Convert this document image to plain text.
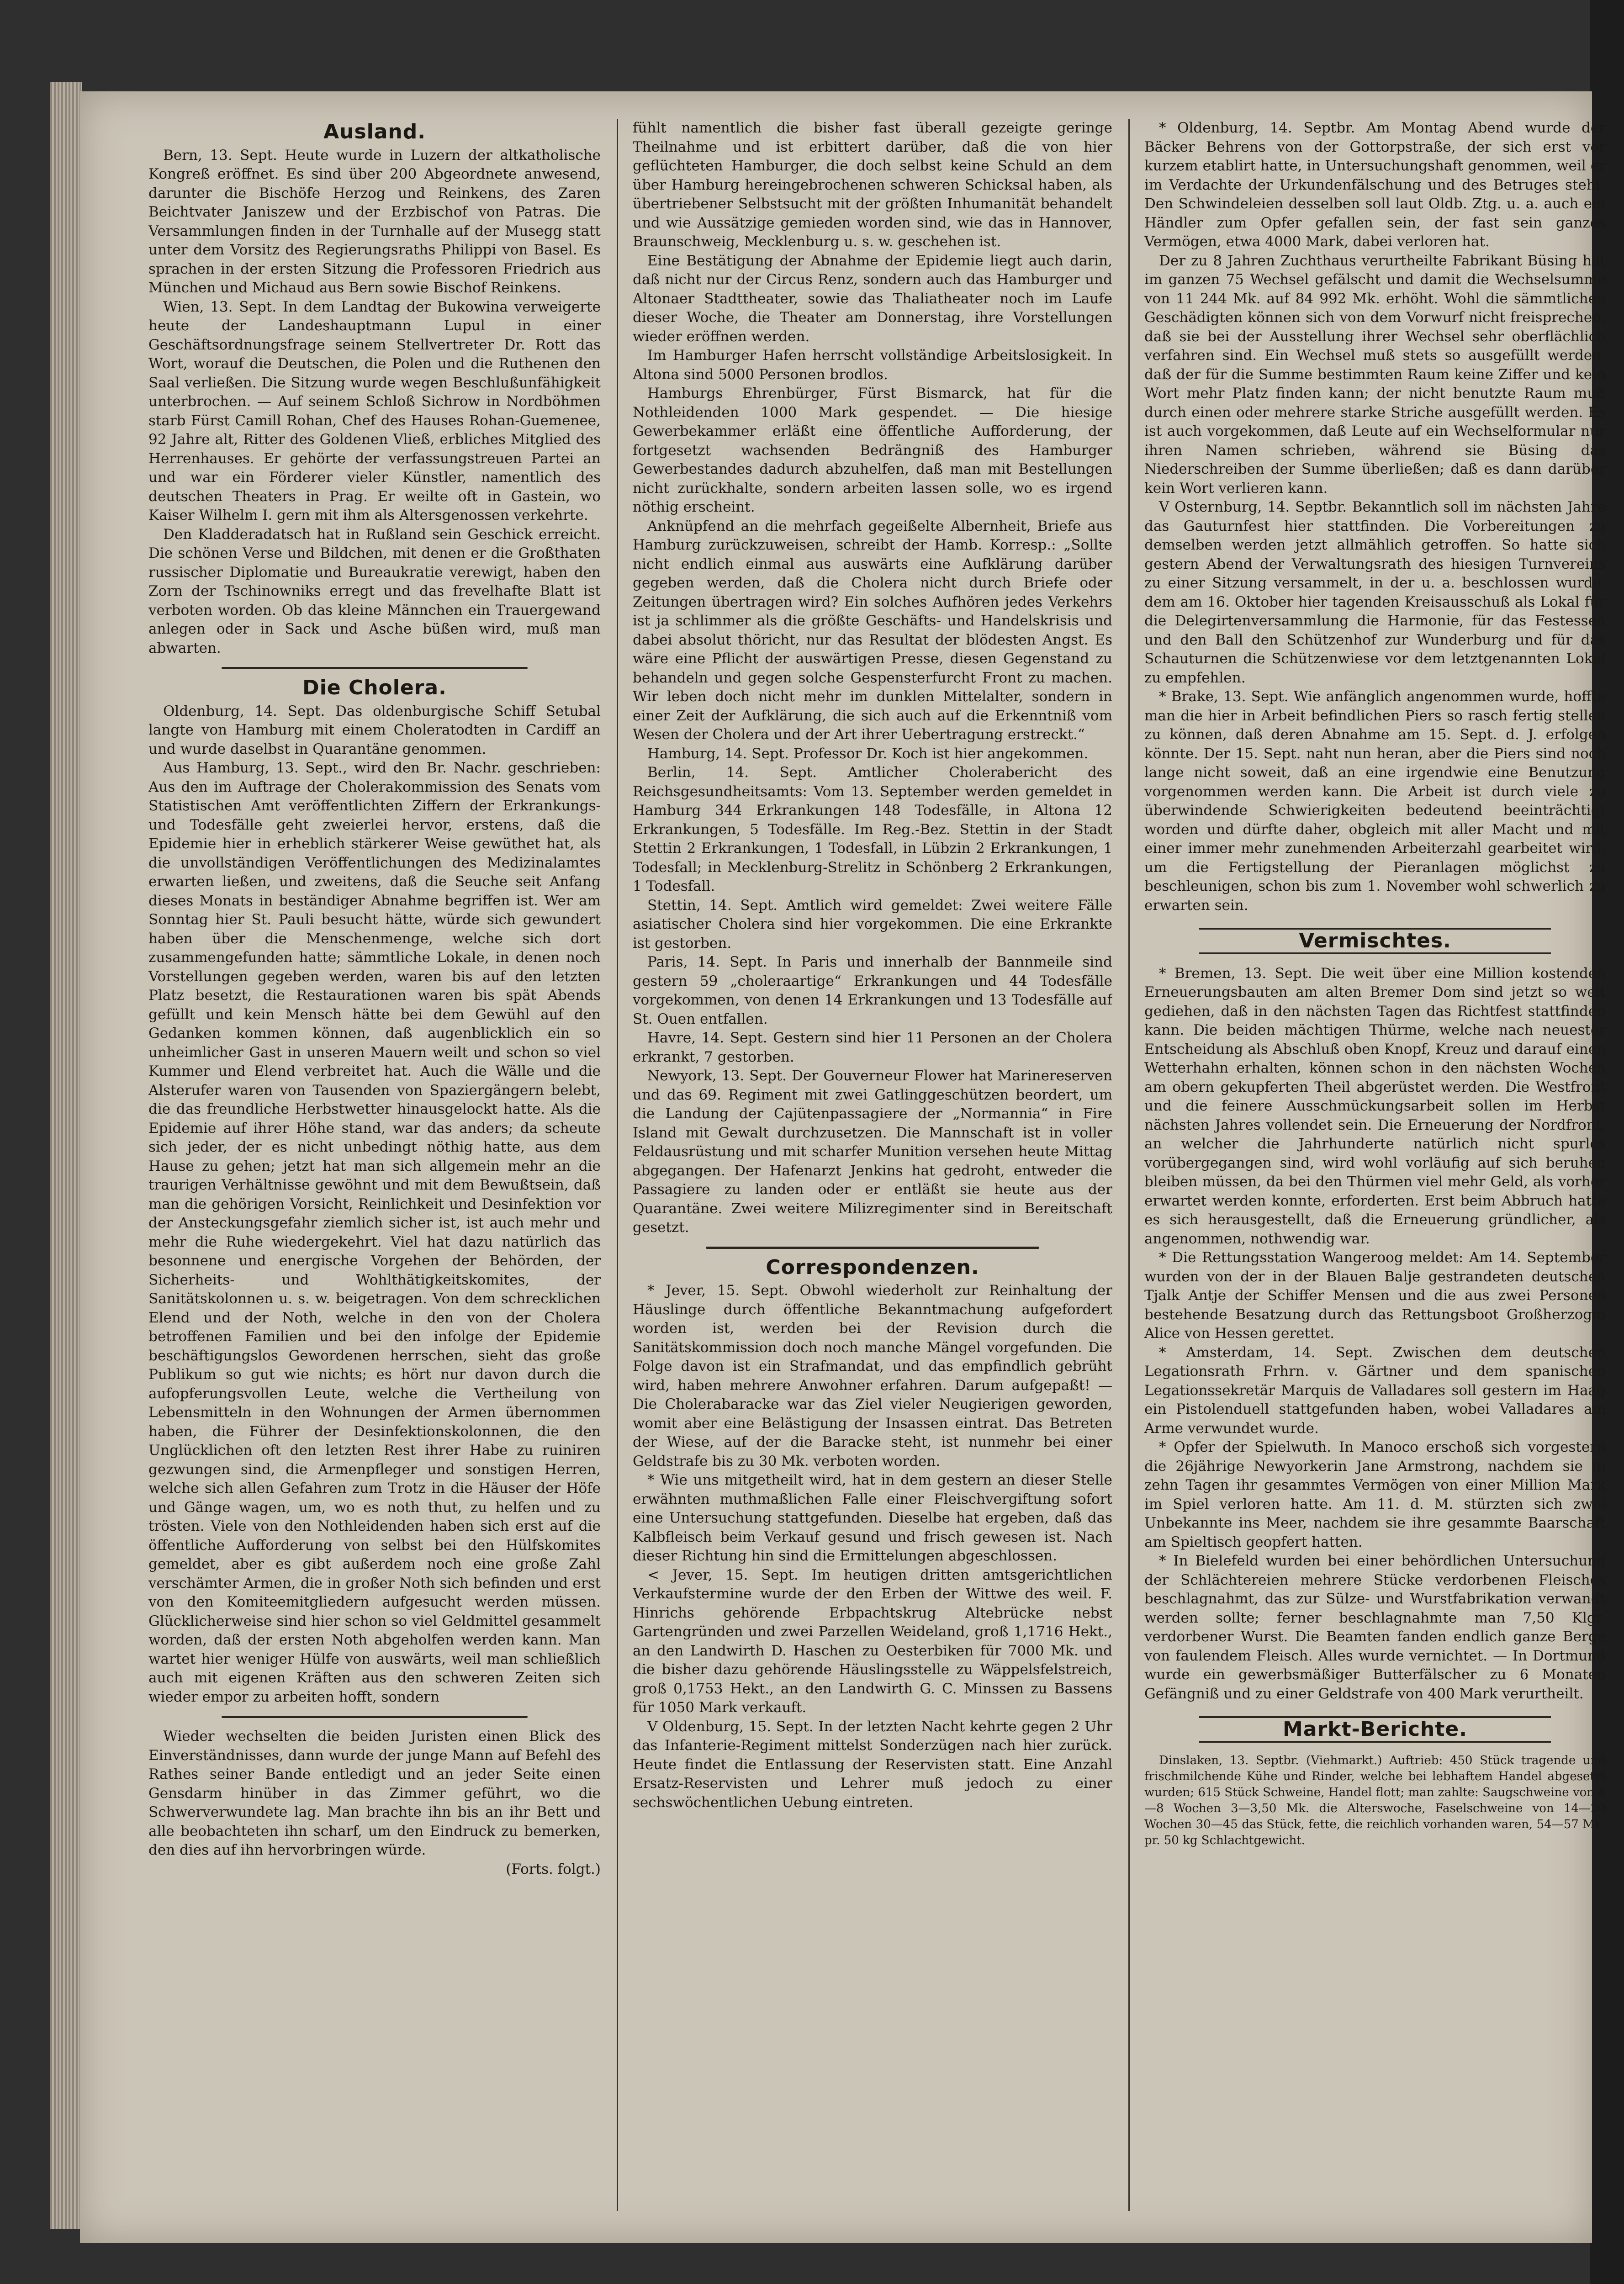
Ausland.

Bern, 13. Sept. Heute wurde in Luzern der altkatholische Kongreß eröffnet. Es sind über 200 Abgeordnete anwesend, darunter die Bischöfe Herzog und Reinkens, des Zaren Beichtvater Janiszew und der Erzbischof von Patras. Die Versammlungen finden in der Turnhalle auf der Musegg statt unter dem Vorsitz des Regierungsraths Philippi von Basel. Es sprachen in der ersten Sitzung die Professoren Friedrich aus München und Michaud aus Bern sowie Bischof Reinkens.

Wien, 13. Sept. In dem Landtag der Bukowina verweigerte heute der Landeshauptmann Lupul in einer Geschäftsordnungsfrage seinem Stellvertreter Dr. Rott das Wort, worauf die Deutschen, die Polen und die Ruthenen den Saal verließen. Die Sitzung wurde wegen Beschlußunfähigkeit unterbrochen. — Auf seinem Schloß Sichrow in Nordböhmen starb Fürst Camill Rohan, Chef des Hauses Rohan-Guemenee, 92 Jahre alt, Ritter des Goldenen Vließ, erbliches Mitglied des Herrenhauses. Er gehörte der verfassungstreuen Partei an und war ein Förderer vieler Künstler, namentlich des deutschen Theaters in Prag. Er weilte oft in Gastein, wo Kaiser Wilhelm I. gern mit ihm als Altersgenossen verkehrte.

Den Kladderadatsch hat in Rußland sein Geschick erreicht. Die schönen Verse und Bildchen, mit denen er die Großthaten russischer Diplomatie und Bureaukratie verewigt, haben den Zorn der Tschinowniks erregt und das frevelhafte Blatt ist verboten worden. Ob das kleine Männchen ein Trauergewand anlegen oder in Sack und Asche büßen wird, muß man abwarten.

Die Cholera.

Oldenburg, 14. Sept. Das oldenburgische Schiff Setubal langte von Hamburg mit einem Choleratodten in Cardiff an und wurde daselbst in Quarantäne genommen.

Aus Hamburg, 13. Sept., wird den Br. Nachr. geschrieben: Aus den im Auftrage der Cholerakommission des Senats vom Statistischen Amt veröffentlichten Ziffern der Erkrankungs- und Todesfälle geht zweierlei hervor, erstens, daß die Epidemie hier in erheblich stärkerer Weise gewüthet hat, als die unvollständigen Veröffentlichungen des Medizinalamtes erwarten ließen, und zweitens, daß die Seuche seit Anfang dieses Monats in beständiger Abnahme begriffen ist. Wer am Sonntag hier St. Pauli besucht hätte, würde sich gewundert haben über die Menschenmenge, welche sich dort zusammengefunden hatte; sämmtliche Lokale, in denen noch Vorstellungen gegeben werden, waren bis auf den letzten Platz besetzt, die Restaurationen waren bis spät Abends gefüllt und kein Mensch hätte bei dem Gewühl auf den Gedanken kommen können, daß augenblicklich ein so unheimlicher Gast in unseren Mauern weilt und schon so viel Kummer und Elend verbreitet hat. Auch die Wälle und die Alsterufer waren von Tausenden von Spaziergängern belebt, die das freundliche Herbstwetter hinausgelockt hatte. Als die Epidemie auf ihrer Höhe stand, war das anders; da scheute sich jeder, der es nicht unbedingt nöthig hatte, aus dem Hause zu gehen; jetzt hat man sich allgemein mehr an die traurigen Verhältnisse gewöhnt und mit dem Bewußtsein, daß man die gehörigen Vorsicht, Reinlichkeit und Desinfektion vor der Ansteckungsgefahr ziemlich sicher ist, ist auch mehr und mehr die Ruhe wiedergekehrt. Viel hat dazu natürlich das besonnene und energische Vorgehen der Behörden, der Sicherheits- und Wohlthätigkeitskomites, der Sanitätskolonnen u. s. w. beigetragen. Von dem schrecklichen Elend und der Noth, welche in den von der Cholera betroffenen Familien und bei den infolge der Epidemie beschäftigungslos Gewordenen herrschen, sieht das große Publikum so gut wie nichts; es hört nur davon durch die aufopferungsvollen Leute, welche die Vertheilung von Lebensmitteln in den Wohnungen der Armen übernommen haben, die Führer der Desinfektionskolonnen, die den Unglücklichen oft den letzten Rest ihrer Habe zu ruiniren gezwungen sind, die Armenpfleger und sonstigen Herren, welche sich allen Gefahren zum Trotz in die Häuser der Höfe und Gänge wagen, um, wo es noth thut, zu helfen und zu trösten. Viele von den Nothleidenden haben sich erst auf die öffentliche Aufforderung von selbst bei den Hülfskomites gemeldet, aber es gibt außerdem noch eine große Zahl verschämter Armen, die in großer Noth sich befinden und erst von den Komiteemitgliedern aufgesucht werden müssen. Glücklicherweise sind hier schon so viel Geldmittel gesammelt worden, daß der ersten Noth abgeholfen werden kann. Man wartet hier weniger Hülfe von auswärts, weil man schließlich auch mit eigenen Kräften aus den schweren Zeiten sich wieder empor zu arbeiten hofft, sondern

Wieder wechselten die beiden Juristen einen Blick des Einverständnisses, dann wurde der junge Mann auf Befehl des Rathes seiner Bande entledigt und an jeder Seite einen Gensdarm hinüber in das Zimmer geführt, wo die Schwerverwundete lag. Man brachte ihn bis an ihr Bett und alle beobachteten ihn scharf, um den Eindruck zu bemerken, den dies auf ihn hervorbringen würde.

(Forts. folgt.)

fühlt namentlich die bisher fast überall gezeigte geringe Theilnahme und ist erbittert darüber, daß die von hier geflüchteten Hamburger, die doch selbst keine Schuld an dem über Hamburg hereingebrochenen schweren Schicksal haben, als übertriebener Selbstsucht mit der größten Inhumanität behandelt und wie Aussätzige gemieden worden sind, wie das in Hannover, Braunschweig, Mecklenburg u. s. w. geschehen ist.

Eine Bestätigung der Abnahme der Epidemie liegt auch darin, daß nicht nur der Circus Renz, sondern auch das Hamburger und Altonaer Stadttheater, sowie das Thaliatheater noch im Laufe dieser Woche, die Theater am Donnerstag, ihre Vorstellungen wieder eröffnen werden.

Im Hamburger Hafen herrscht vollständige Arbeitslosigkeit. In Altona sind 5000 Personen brodlos.

Hamburgs Ehrenbürger, Fürst Bismarck, hat für die Nothleidenden 1000 Mark gespendet. — Die hiesige Gewerbekammer erläßt eine öffentliche Aufforderung, der fortgesetzt wachsenden Bedrängniß des Hamburger Gewerbestandes dadurch abzuhelfen, daß man mit Bestellungen nicht zurückhalte, sondern arbeiten lassen solle, wo es irgend nöthig erscheint.

Anknüpfend an die mehrfach gegeißelte Albernheit, Briefe aus Hamburg zurückzuweisen, schreibt der Hamb. Korresp.: „Sollte nicht endlich einmal aus auswärts eine Aufklärung darüber gegeben werden, daß die Cholera nicht durch Briefe oder Zeitungen übertragen wird? Ein solches Aufhören jedes Verkehrs ist ja schlimmer als die größte Geschäfts- und Handelskrisis und dabei absolut thöricht, nur das Resultat der blödesten Angst. Es wäre eine Pflicht der auswärtigen Presse, diesen Gegenstand zu behandeln und gegen solche Gespensterfurcht Front zu machen. Wir leben doch nicht mehr im dunklen Mittelalter, sondern in einer Zeit der Aufklärung, die sich auch auf die Erkenntniß vom Wesen der Cholera und der Art ihrer Uebertragung erstreckt.“

Hamburg, 14. Sept. Professor Dr. Koch ist hier angekommen.

Berlin, 14. Sept. Amtlicher Cholerabericht des Reichsgesundheitsamts: Vom 13. September werden gemeldet in Hamburg 344 Erkrankungen 148 Todesfälle, in Altona 12 Erkrankungen, 5 Todesfälle. Im Reg.-Bez. Stettin in der Stadt Stettin 2 Erkrankungen, 1 Todesfall, in Lübzin 2 Erkrankungen, 1 Todesfall; in Mecklenburg-Strelitz in Schönberg 2 Erkrankungen, 1 Todesfall.

Stettin, 14. Sept. Amtlich wird gemeldet: Zwei weitere Fälle asiatischer Cholera sind hier vorgekommen. Die eine Erkrankte ist gestorben.

Paris, 14. Sept. In Paris und innerhalb der Bannmeile sind gestern 59 „choleraartige“ Erkrankungen und 44 Todesfälle vorgekommen, von denen 14 Erkrankungen und 13 Todesfälle auf St. Ouen entfallen.

Havre, 14. Sept. Gestern sind hier 11 Personen an der Cholera erkrankt, 7 gestorben.

Newyork, 13. Sept. Der Gouverneur Flower hat Marinereserven und das 69. Regiment mit zwei Gatlinggeschützen beordert, um die Landung der Cajütenpassagiere der „Normannia“ in Fire Island mit Gewalt durchzusetzen. Die Mannschaft ist in voller Feldausrüstung und mit scharfer Munition versehen heute Mittag abgegangen. Der Hafenarzt Jenkins hat gedroht, entweder die Passagiere zu landen oder er entläßt sie heute aus der Quarantäne. Zwei weitere Milizregimenter sind in Bereitschaft gesetzt.

Correspondenzen.

* Jever, 15. Sept. Obwohl wiederholt zur Reinhaltung der Häuslinge durch öffentliche Bekanntmachung aufgefordert worden ist, werden bei der Revision durch die Sanitätskommission doch noch manche Mängel vorgefunden. Die Folge davon ist ein Strafmandat, und das empfindlich gebrüht wird, haben mehrere Anwohner erfahren. Darum aufgepaßt! — Die Cholerabaracke war das Ziel vieler Neugierigen geworden, womit aber eine Belästigung der Insassen eintrat. Das Betreten der Wiese, auf der die Baracke steht, ist nunmehr bei einer Geldstrafe bis zu 30 Mk. verboten worden.

* Wie uns mitgetheilt wird, hat in dem gestern an dieser Stelle erwähnten muthmaßlichen Falle einer Fleischvergiftung sofort eine Untersuchung stattgefunden. Dieselbe hat ergeben, daß das Kalbfleisch beim Verkauf gesund und frisch gewesen ist. Nach dieser Richtung hin sind die Ermittelungen abgeschlossen.

< Jever, 15. Sept. Im heutigen dritten amtsgerichtlichen Verkaufstermine wurde der den Erben der Wittwe des weil. F. Hinrichs gehörende Erbpachtskrug Altebrücke nebst Gartengründen und zwei Parzellen Weideland, groß 1,1716 Hekt., an den Landwirth D. Haschen zu Oesterbiken für 7000 Mk. und die bisher dazu gehörende Häuslingsstelle zu Wäppelsfelstreich, groß 0,1753 Hekt., an den Landwirth G. C. Minssen zu Bassens für 1050 Mark verkauft.

V Oldenburg, 15. Sept. In der letzten Nacht kehrte gegen 2 Uhr das Infanterie-Regiment mittelst Sonderzügen nach hier zurück. Heute findet die Entlassung der Reservisten statt. Eine Anzahl Ersatz-Reservisten und Lehrer muß jedoch zu einer sechswöchentlichen Uebung eintreten.

* Oldenburg, 14. Septbr. Am Montag Abend wurde der Bäcker Behrens von der Gottorpstraße, der sich erst vor kurzem etablirt hatte, in Untersuchungshaft genommen, weil er im Verdachte der Urkundenfälschung und des Betruges steht. Den Schwindeleien desselben soll laut Oldb. Ztg. u. a. auch ein Händler zum Opfer gefallen sein, der fast sein ganzes Vermögen, etwa 4000 Mark, dabei verloren hat.

Der zu 8 Jahren Zuchthaus verurtheilte Fabrikant Büsing hat im ganzen 75 Wechsel gefälscht und damit die Wechselsumme von 11 244 Mk. auf 84 992 Mk. erhöht. Wohl die sämmtlichen Geschädigten können sich von dem Vorwurf nicht freisprechen, daß sie bei der Ausstellung ihrer Wechsel sehr oberflächlich verfahren sind. Ein Wechsel muß stets so ausgefüllt werden, daß der für die Summe bestimmten Raum keine Ziffer und kein Wort mehr Platz finden kann; der nicht benutzte Raum muß durch einen oder mehrere starke Striche ausgefüllt werden. Es ist auch vorgekommen, daß Leute auf ein Wechselformular nur ihren Namen schrieben, während sie Büsing das Niederschreiben der Summe überließen; daß es dann darüber kein Wort verlieren kann.

V Osternburg, 14. Septbr. Bekanntlich soll im nächsten Jahre das Gauturnfest hier stattfinden. Die Vorbereitungen zu demselben werden jetzt allmählich getroffen. So hatte sich gestern Abend der Verwaltungsrath des hiesigen Turnvereins zu einer Sitzung versammelt, in der u. a. beschlossen wurde, dem am 16. Oktober hier tagenden Kreisausschuß als Lokal für die Delegirtenversammlung die Harmonie, für das Festessen und den Ball den Schützenhof zur Wunderburg und für das Schauturnen die Schützenwiese vor dem letztgenannten Lokal zu empfehlen.

* Brake, 13. Sept. Wie anfänglich angenommen wurde, hoffte man die hier in Arbeit befindlichen Piers so rasch fertig stellen zu können, daß deren Abnahme am 15. Sept. d. J. erfolgen könnte. Der 15. Sept. naht nun heran, aber die Piers sind noch lange nicht soweit, daß an eine irgendwie eine Benutzung vorgenommen werden kann. Die Arbeit ist durch viele zu überwindende Schwierigkeiten bedeutend beeinträchtigt worden und dürfte daher, obgleich mit aller Macht und mit einer immer mehr zunehmenden Arbeiterzahl gearbeitet wird, um die Fertigstellung der Pieranlagen möglichst zu beschleunigen, schon bis zum 1. November wohl schwerlich zu erwarten sein.

Vermischtes.

* Bremen, 13. Sept. Die weit über eine Million kostenden Erneuerungsbauten am alten Bremer Dom sind jetzt so weit gediehen, daß in den nächsten Tagen das Richtfest stattfinden kann. Die beiden mächtigen Thürme, welche nach neuester Entscheidung als Abschluß oben Knopf, Kreuz und darauf einen Wetterhahn erhalten, können schon in den nächsten Wochen am obern gekupferten Theil abgerüstet werden. Die Westfront und die feinere Ausschmückungsarbeit sollen im Herbst nächsten Jahres vollendet sein. Die Erneuerung der Nordfront, an welcher die Jahrhunderte natürlich nicht spurlos vorübergegangen sind, wird wohl vorläufig auf sich beruhen bleiben müssen, da bei den Thürmen viel mehr Geld, als vorher erwartet werden konnte, erforderten. Erst beim Abbruch hatte es sich herausgestellt, daß die Erneuerung gründlicher, als angenommen, nothwendig war.

* Die Rettungsstation Wangeroog meldet: Am 14. September wurden von der in der Blauen Balje gestrandeten deutschen Tjalk Antje der Schiffer Mensen und die aus zwei Personen bestehende Besatzung durch das Rettungsboot Großherzogin Alice von Hessen gerettet.

* Amsterdam, 14. Sept. Zwischen dem deutschen Legationsrath Frhrn. v. Gärtner und dem spanischen Legationssekretär Marquis de Valladares soll gestern im Haag ein Pistolenduell stattgefunden haben, wobei Valladares am Arme verwundet wurde.

* Opfer der Spielwuth. In Manoco erschoß sich vorgestern die 26jährige Newyorkerin Jane Armstrong, nachdem sie in zehn Tagen ihr gesammtes Vermögen von einer Million Mark im Spiel verloren hatte. Am 11. d. M. stürzten sich zwei Unbekannte ins Meer, nachdem sie ihre gesammte Baarschaft am Spieltisch geopfert hatten.

* In Bielefeld wurden bei einer behördlichen Untersuchung der Schlächtereien mehrere Stücke verdorbenen Fleisches beschlagnahmt, das zur Sülze- und Wurstfabrikation verwandt werden sollte; ferner beschlagnahmte man 7,50 Klgr. verdorbener Wurst. Die Beamten fanden endlich ganze Berge von faulendem Fleisch. Alles wurde vernichtet. — In Dortmund wurde ein gewerbsmäßiger Butterfälscher zu 6 Monaten Gefängniß und zu einer Geldstrafe von 400 Mark verurtheilt.

Markt-Berichte.

Dinslaken, 13. Septbr. (Viehmarkt.) Auftrieb: 450 Stück tragende und frischmilchende Kühe und Rinder, welche bei lebhaftem Handel abgesetzt wurden; 615 Stück Schweine, Handel flott; man zahlte: Saugschweine von 4—8 Wochen 3—3,50 Mk. die Alterswoche, Faselschweine von 14—20 Wochen 30—45 das Stück, fette, die reichlich vorhanden waren, 54—57 Mk. pr. 50 kg Schlachtgewicht.
